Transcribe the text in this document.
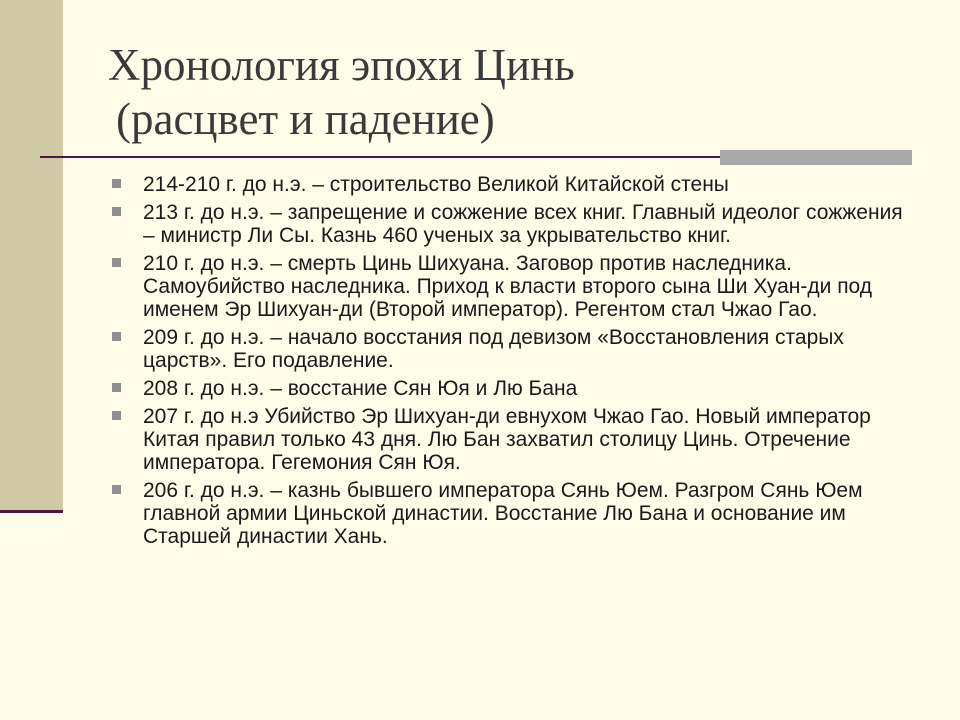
Хронология эпохи Цинь
(расцвет и падение)
214-210 г. до н.э. – строительство Великой Китайской стены
213 г. до н.э. – запрещение и сожжение всех книг. Главный идеолог сожжения – министр Ли Сы. Казнь 460 ученых за укрывательство книг.
210 г. до н.э. – смерть Цинь Шихуана. Заговор против наследника. Самоубийство наследника. Приход к власти второго сына Ши Хуан-ди под именем Эр Шихуан-ди (Второй император). Регентом стал Чжао Гао.
209 г. до н.э. – начало восстания под девизом «Восстановления старых царств». Его подавление.
208 г. до н.э. – восстание Сян Юя и Лю Бана
207 г. до н.э Убийство Эр Шихуан-ди евнухом Чжао Гао. Новый император Китая правил только 43 дня. Лю Бан захватил столицу Цинь. Отречение императора. Гегемония Сян Юя.
206 г. до н.э. – казнь бывшего императора Сянь Юем. Разгром Сянь Юем главной армии Циньской династии. Восстание Лю Бана и основание им Старшей династии Хань.
